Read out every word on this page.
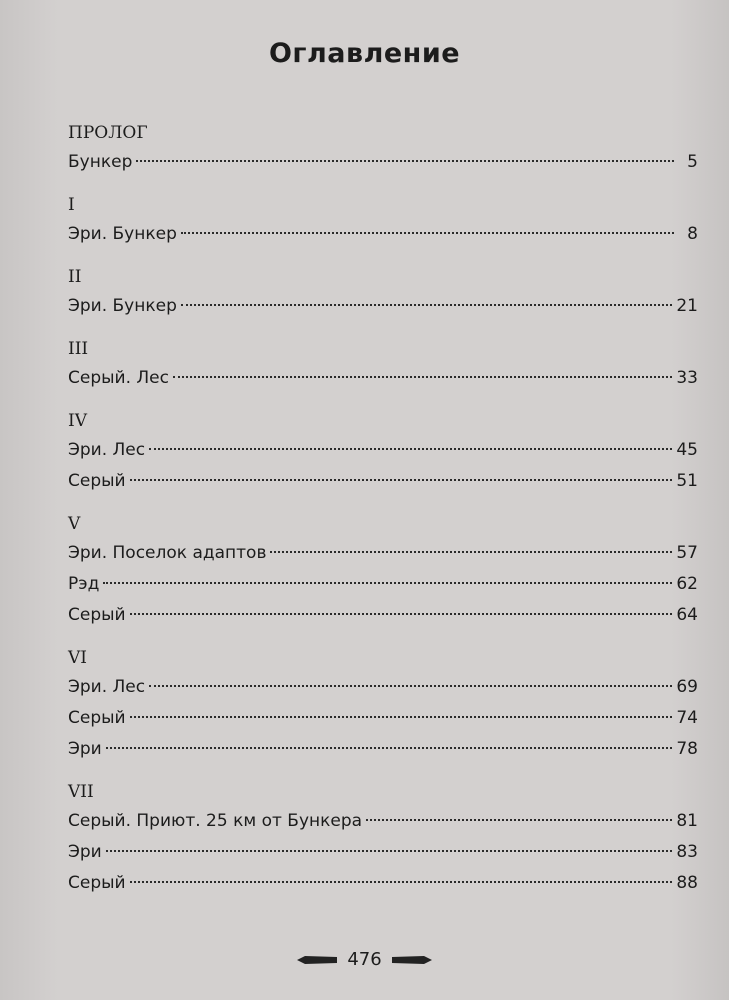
Оглавление
ПРОЛОГ
Бункер	5
I
Эри. Бункер	8
II
Эри. Бункер	21
III
Серый. Лес	33
IV
Эри. Лес	45
Серый	51
V
Эри. Поселок адаптов	57
Рэд	62
Серый	64
VI
Эри. Лес	69
Серый	74
Эри	78
VII
Серый. Приют. 25 км от Бункера	81
Эри	83
Серый	88
476
